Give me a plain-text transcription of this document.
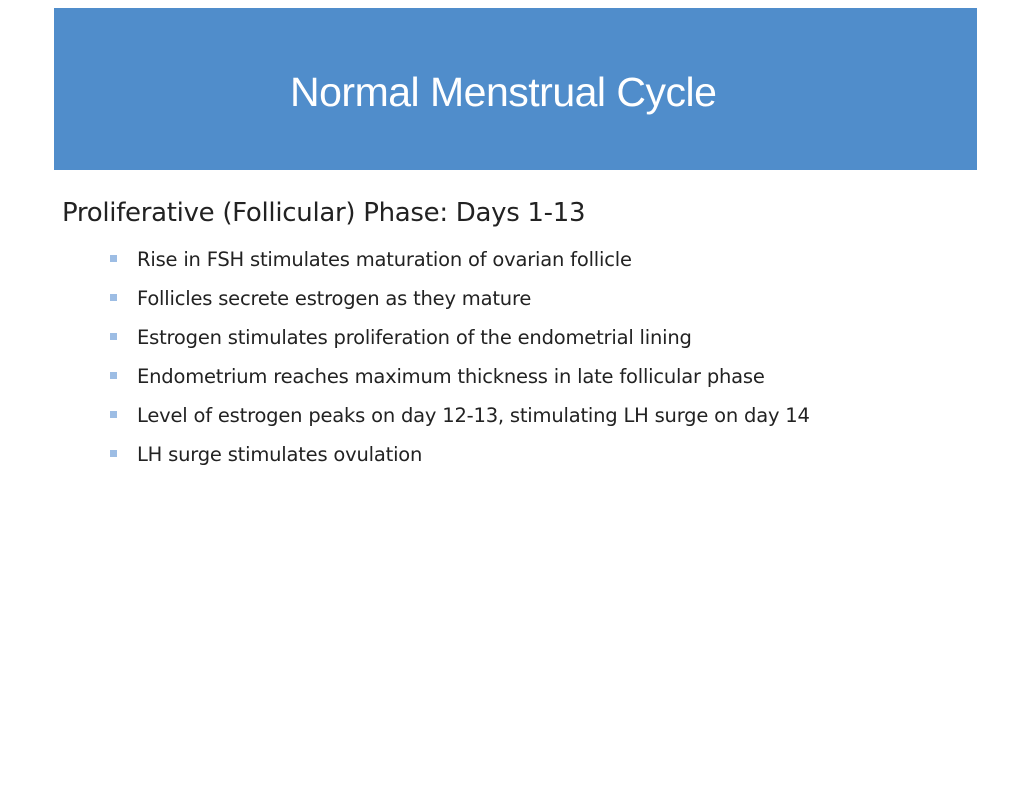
Normal Menstrual Cycle
Proliferative (Follicular) Phase: Days 1-13
Rise in FSH stimulates maturation of ovarian follicle
Follicles secrete estrogen as they mature
Estrogen stimulates proliferation of the endometrial lining
Endometrium reaches maximum thickness in late follicular phase
Level of estrogen peaks on day 12-13, stimulating LH surge on day 14
LH surge stimulates ovulation
